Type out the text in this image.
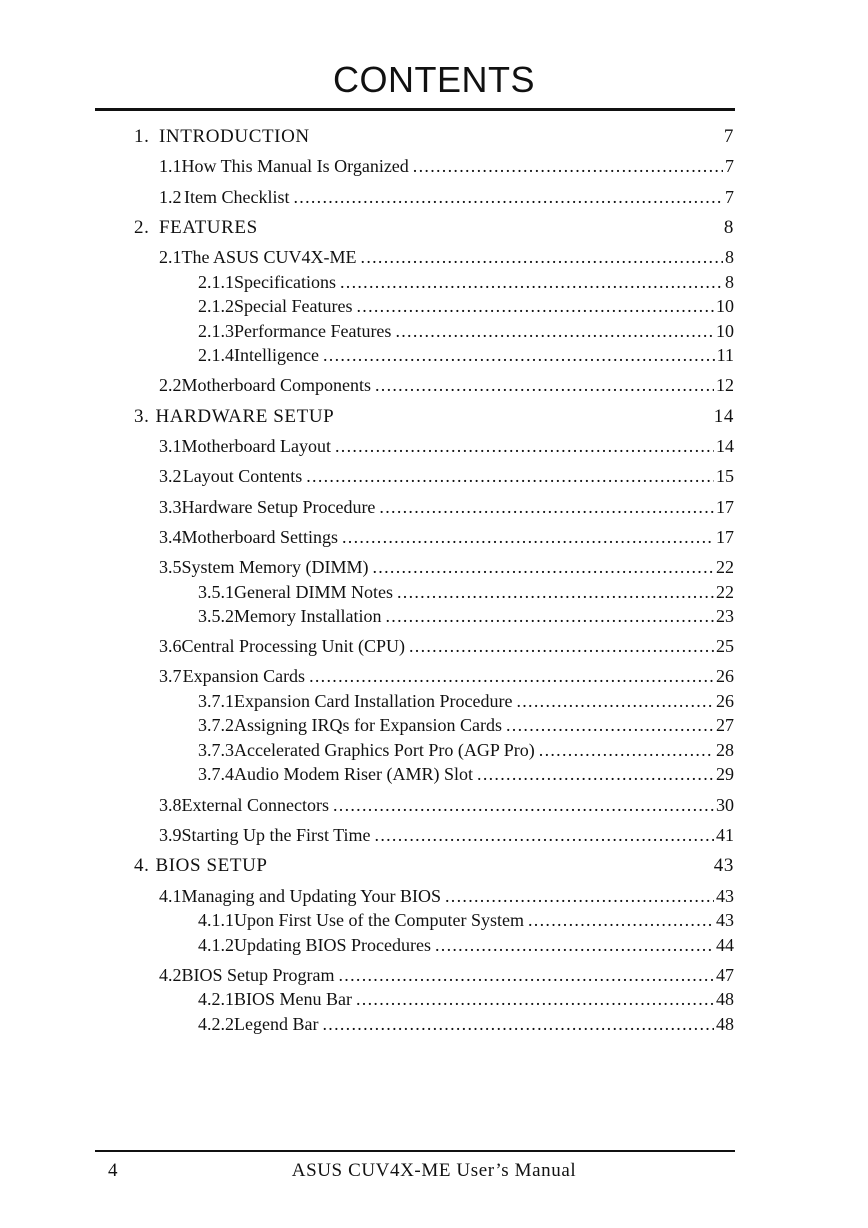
CONTENTS
1. INTRODUCTION	7
1.1 How This Manual Is Organized . . .	7
1.2 Item Checklist . . .	7
2. FEATURES	8
2.1 The ASUS CUV4X-ME . . .	8
2.1.1 Specifications . . .	8
2.1.2 Special Features . . .	10
2.1.3 Performance Features . . .	10
2.1.4 Intelligence . . .	11
2.2 Motherboard Components . . .	12
3. HARDWARE SETUP	14
3.1 Motherboard Layout . . .	14
3.2 Layout Contents . . .	15
3.3 Hardware Setup Procedure . . .	17
3.4 Motherboard Settings . . .	17
3.5 System Memory (DIMM) . . .	22
3.5.1 General DIMM Notes . . .	22
3.5.2 Memory Installation . . .	23
3.6 Central Processing Unit (CPU) . . .	25
3.7 Expansion Cards . . .	26
3.7.1 Expansion Card Installation Procedure . . .	26
3.7.2 Assigning IRQs for Expansion Cards . . .	27
3.7.3 Accelerated Graphics Port Pro (AGP Pro) . . .	28
3.7.4 Audio Modem Riser (AMR) Slot . . .	29
3.8 External Connectors . . .	30
3.9 Starting Up the First Time . . .	41
4. BIOS SETUP	43
4.1 Managing and Updating Your BIOS . . .	43
4.1.1 Upon First Use of the Computer System . . .	43
4.1.2 Updating BIOS Procedures . . .	44
4.2 BIOS Setup Program . . .	47
4.2.1 BIOS Menu Bar . . .	48
4.2.2 Legend Bar . . .	48
4	ASUS CUV4X-ME User’s Manual
